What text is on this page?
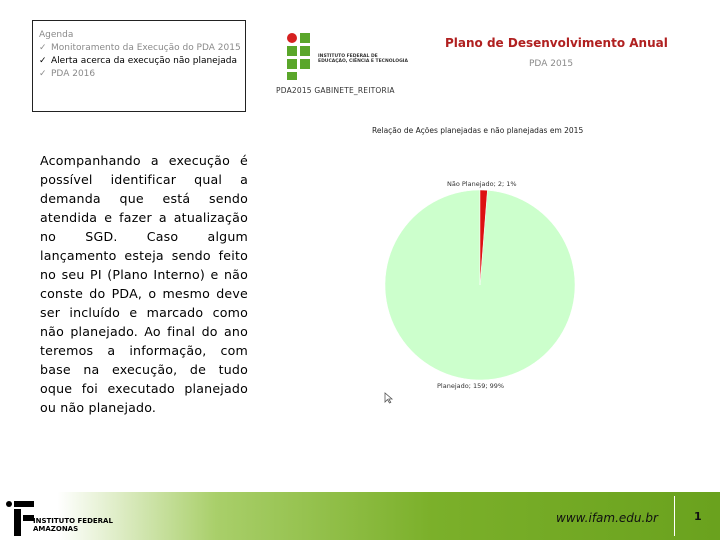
Agenda
✓ Monitoramento da Execução do PDA 2015
✓ Alerta acerca da execução não planejada
✓ PDA 2016
INSTITUTO FEDERAL DE
EDUCAÇÃO, CIÊNCIA E TECNOLOGIA
PDA2015 GABINETE_REITORIA
Plano de Desenvolvimento Anual
PDA 2015
Acompanhando a execução é possível identificar qual a demanda que está sendo atendida e fazer a atualização no SGD. Caso algum lançamento esteja sendo feito no seu PI (Plano Interno) e não conste do PDA, o mesmo deve ser incluído e marcado como não planejado. Ao final do ano teremos a informação, com base na execução, de tudo oque foi executado planejado ou não planejado.
Relação de Ações planejadas e não planejadas em 2015
Não Planejado; 2; 1%
Planejado; 159; 99%
INSTITUTO FEDERAL
AMAZONAS
www.ifam.edu.br	1
